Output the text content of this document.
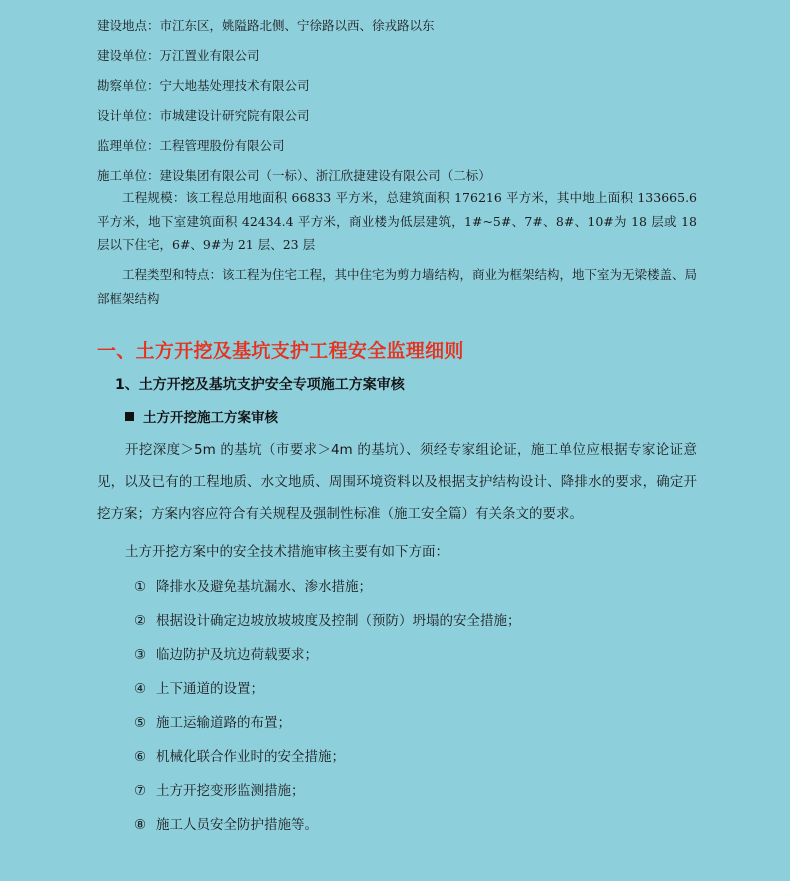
建设地点：市江东区，姚隘路北侧、宁徐路以西、徐戎路以东
建设单位：万江置业有限公司
勘察单位：宁大地基处理技术有限公司
设计单位：市城建设计研究院有限公司
监理单位：工程管理股份有限公司
施工单位：建设集团有限公司（一标）、浙江欣捷建设有限公司（二标）
工程规模：该工程总用地面积 66833 平方米，总建筑面积 176216 平方米，其中地上面积 133665.6 平方米，地下室建筑面积 42434.4 平方米，商业楼为低层建筑，1#~5#、7#、8#、10#为 18 层或 18 层以下住宅，6#、9#为 21 层、23 层
工程类型和特点：该工程为住宅工程，其中住宅为剪力墙结构，商业为框架结构，地下室为无梁楼盖、局部框架结构
一、土方开挖及基坑支护工程安全监理细则
1、土方开挖及基坑支护安全专项施工方案审核
土方开挖施工方案审核
开挖深度＞5m 的基坑（市要求＞4m 的基坑）、须经专家组论证，施工单位应根据专家论证意见，以及已有的工程地质、水文地质、周围环境资料以及根据支护结构设计、降排水的要求，确定开挖方案；方案内容应符合有关规程及强制性标准（施工安全篇）有关条文的要求。
土方开挖方案中的安全技术措施审核主要有如下方面：
① 降排水及避免基坑漏水、渗水措施；
② 根据设计确定边坡放坡坡度及控制（预防）坍塌的安全措施；
③ 临边防护及坑边荷载要求；
④ 上下通道的设置；
⑤ 施工运输道路的布置；
⑥ 机械化联合作业时的安全措施；
⑦ 土方开挖变形监测措施；
⑧ 施工人员安全防护措施等。
